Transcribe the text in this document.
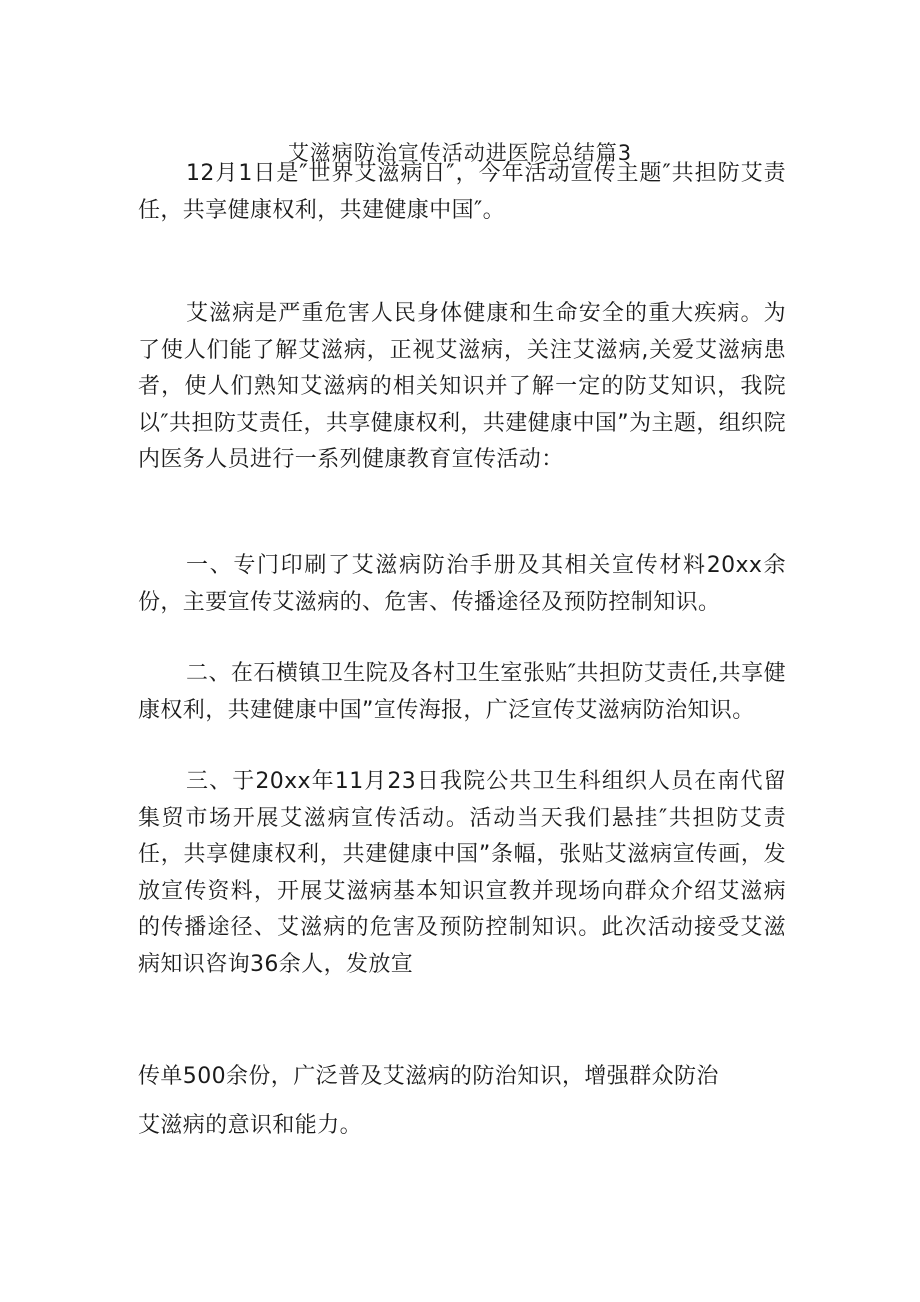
艾滋病防治宣传活动进医院总结篇3

12月1日是″世界艾滋病日″，今年活动宣传主题″共担防艾责任，共享健康权利，共建健康中国″。

艾滋病是严重危害人民身体健康和生命安全的重大疾病。为了使人们能了解艾滋病，正视艾滋病，关注艾滋病,关爱艾滋病患者，使人们熟知艾滋病的相关知识并了解一定的防艾知识，我院以″共担防艾责任，共享健康权利，共建健康中国”为主题，组织院内医务人员进行一系列健康教育宣传活动：

一、专门印刷了艾滋病防治手册及其相关宣传材料20xx余份，主要宣传艾滋病的、危害、传播途径及预防控制知识。

二、在石横镇卫生院及各村卫生室张贴″共担防艾责任,共享健康权利，共建健康中国”宣传海报，广泛宣传艾滋病防治知识。

三、于20xx年11月23日我院公共卫生科组织人员在南代留集贸市场开展艾滋病宣传活动。活动当天我们悬挂″共担防艾责任，共享健康权利，共建健康中国”条幅，张贴艾滋病宣传画，发放宣传资料，开展艾滋病基本知识宣教并现场向群众介绍艾滋病的传播途径、艾滋病的危害及预防控制知识。此次活动接受艾滋病知识咨询36余人，发放宣

传单500余份，广泛普及艾滋病的防治知识，增强群众防治

艾滋病的意识和能力。
